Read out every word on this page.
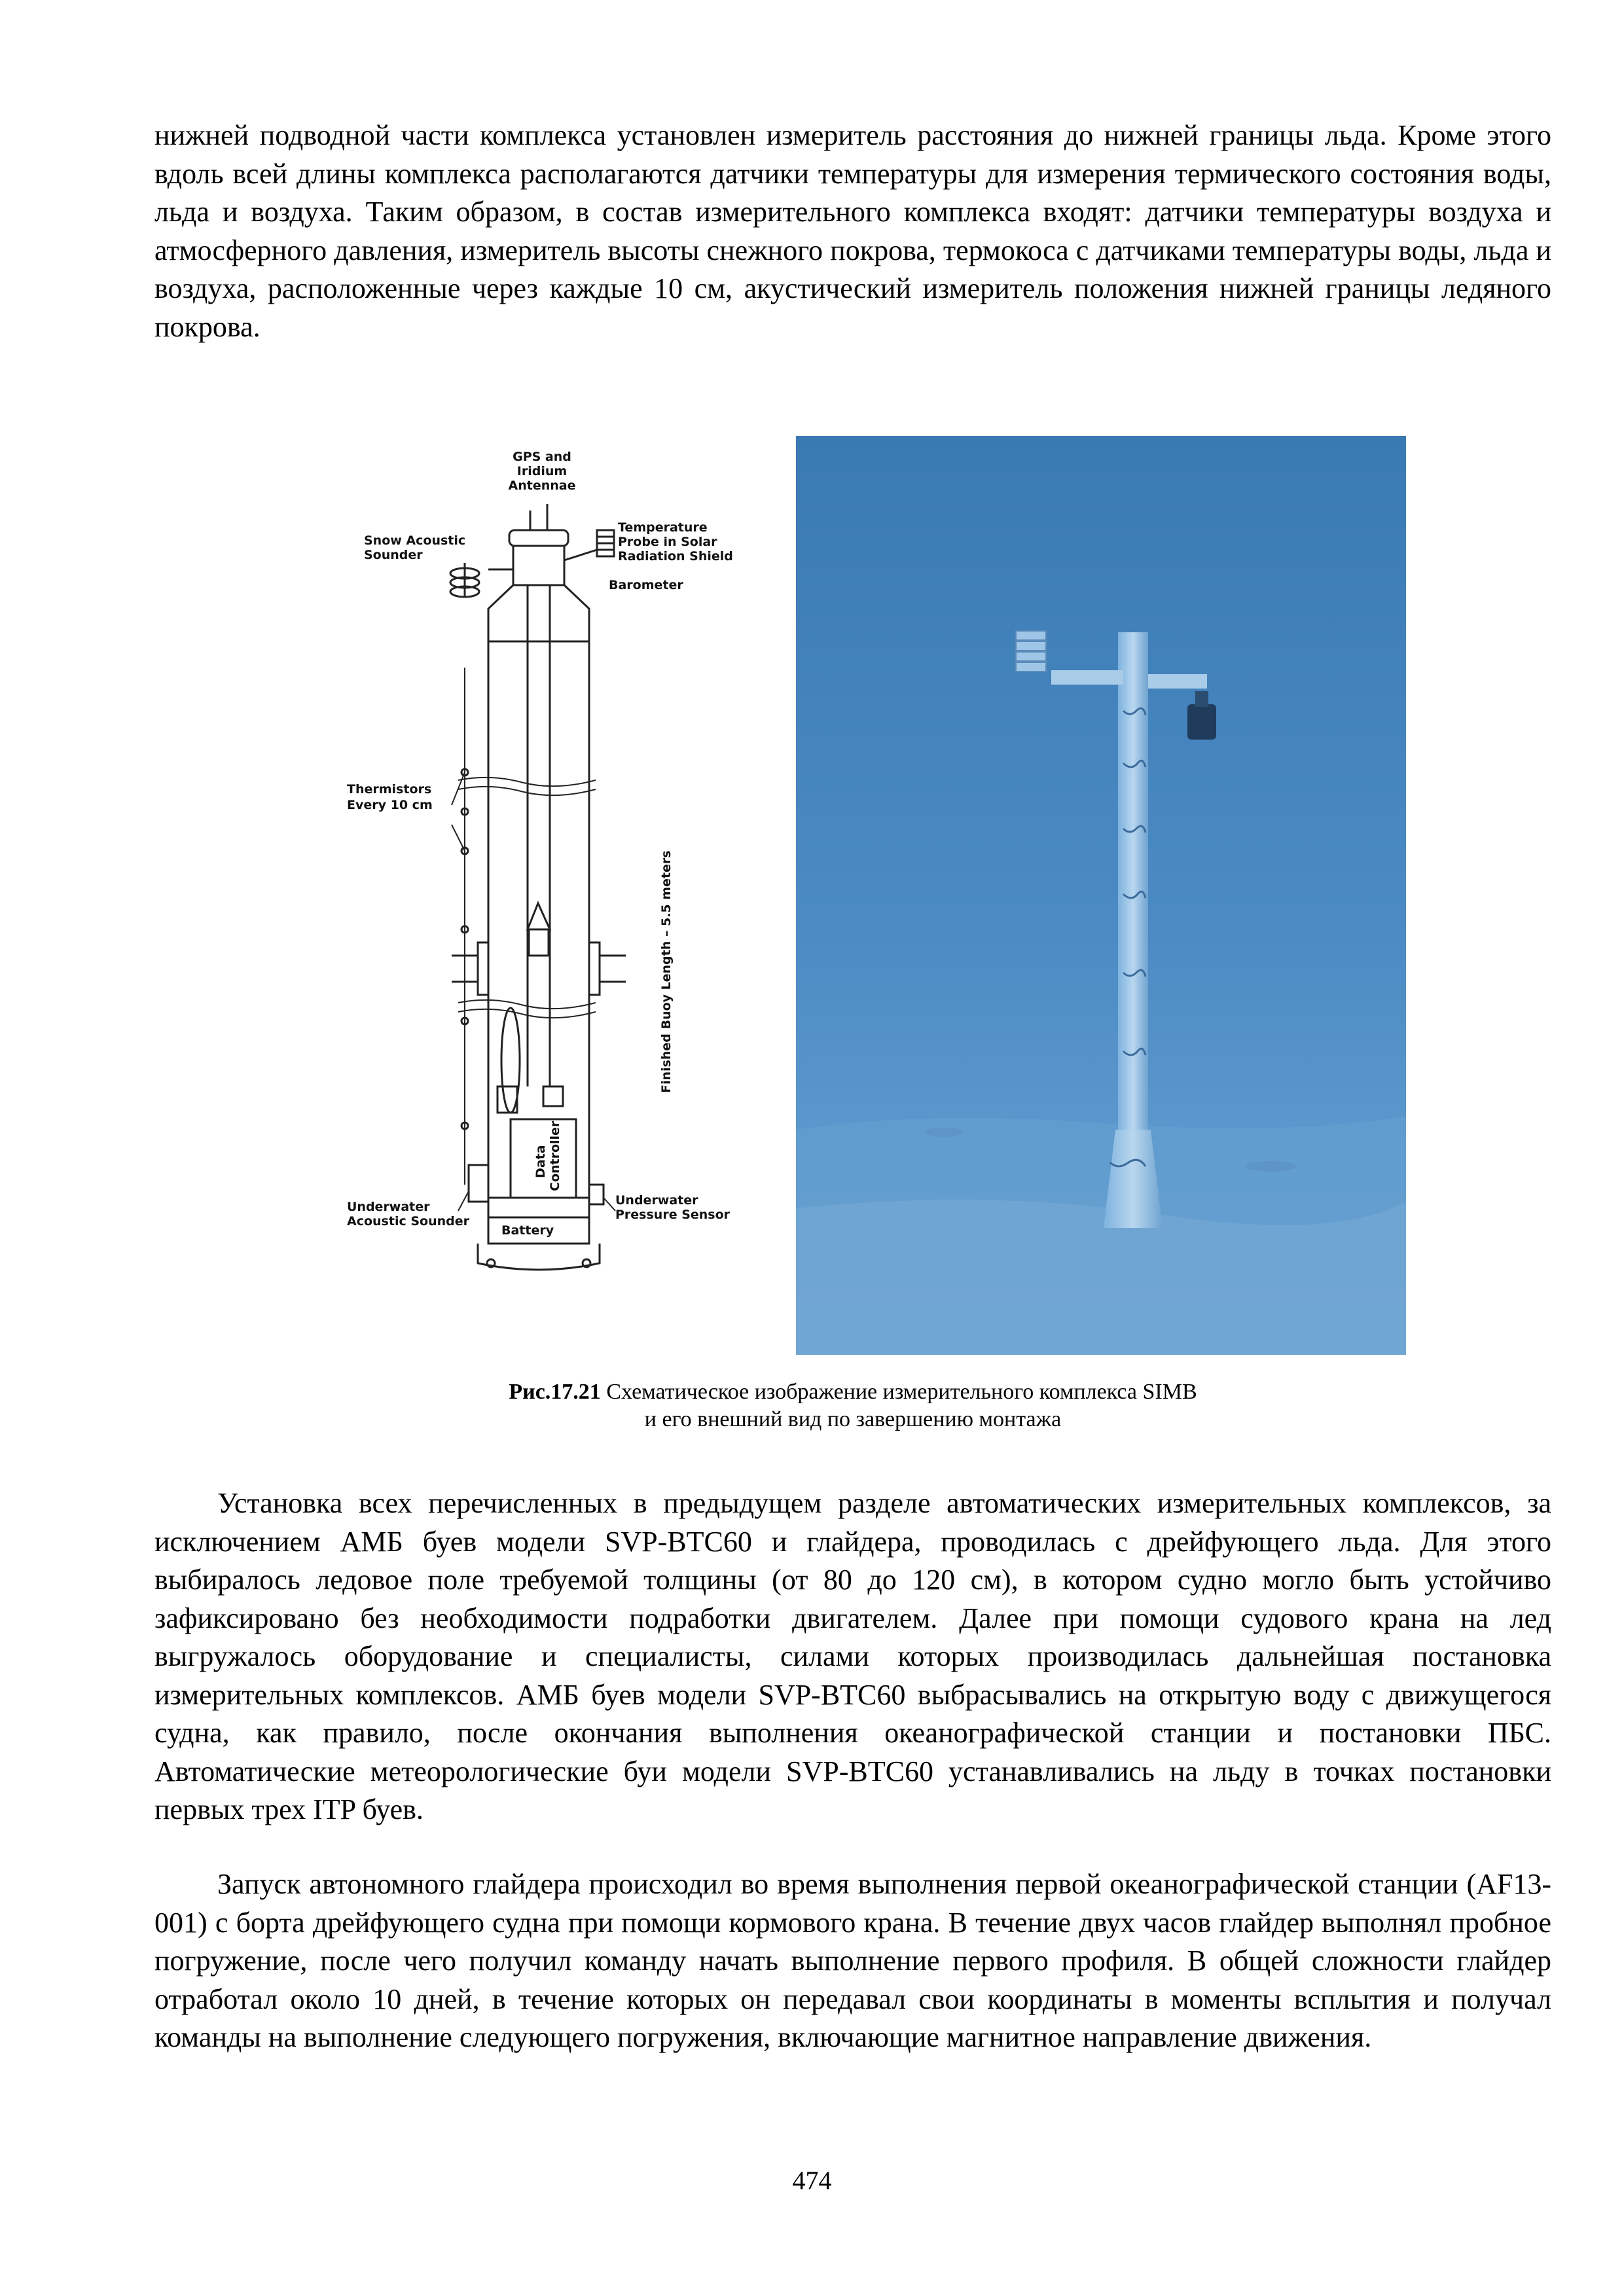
нижней подводной части комплекса установлен измеритель расстояния до нижней границы льда. Кроме этого вдоль всей длины комплекса располагаются датчики температуры для измерения термического состояния воды, льда и воздуха. Таким образом, в состав измерительного комплекса входят: датчики температуры воздуха и атмосферного давления, измеритель высоты снежного покрова, термокоса с датчиками температуры воды, льда и воздуха, расположенные через каждые 10 см, акустический измеритель положения нижней границы ледяного покрова.

GPS and
Iridium
Antennae
Snow Acoustic
Sounder
Temperature
Probe in Solar
Radiation Shield
Barometer
Thermistors
Every 10 cm
Finished Buoy Length – 5.5 meters
Data Controller
Battery
Underwater
Acoustic Sounder
Underwater
Pressure Sensor
Рис.17.21 Схематическое изображение измерительного комплекса SIMB
и его внешний вид по завершению монтажа

Установка всех перечисленных в предыдущем разделе автоматических измерительных комплексов, за исключением АМБ буев модели SVP-BTC60 и глайдера, проводилась с дрейфующего льда. Для этого выбиралось ледовое поле требуемой толщины (от 80 до 120 см), в котором судно могло быть устойчиво зафиксировано без необходимости подработки двигателем. Далее при помощи судового крана на лед выгружалось оборудование и специалисты, силами которых производилась дальнейшая постановка измерительных комплексов. АМБ буев модели SVP-BTC60 выбрасывались на открытую воду с движущегося судна, как правило, после окончания выполнения океанографической станции и постановки ПБС. Автоматические метеорологические буи модели SVP-BTC60 устанавливались на льду в точках постановки первых трех ITP буев.

Запуск автономного глайдера происходил во время выполнения первой океанографической станции (AF13-001) с борта дрейфующего судна при помощи кормового крана. В течение двух часов глайдер выполнял пробное погружение, после чего получил команду начать выполнение первого профиля. В общей сложности глайдер отработал около 10 дней, в течение которых он передавал свои координаты в моменты всплытия и получал команды на выполнение следующего погружения, включающие магнитное направление движения.

474
